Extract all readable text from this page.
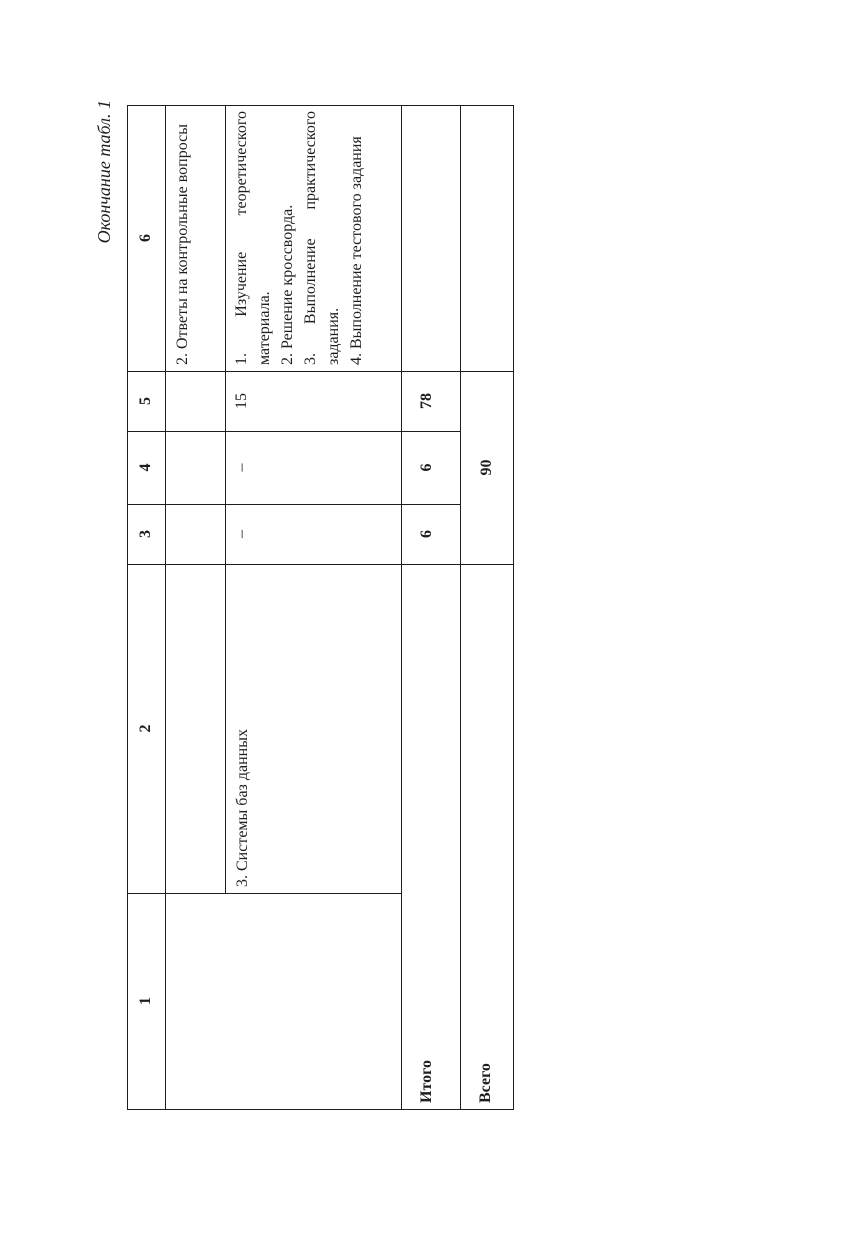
Окончание табл. 1	6
5
4
3
2
1
2. Ответы на контрольные вопросы	1. Изучение теоретического материала. 2. Решение кроссворда. 3. Выполнение практического задания. 4. Выполнение тестового задания
15
–
–
3. Системы баз данных
78
6
6
Итого
90
Всего
